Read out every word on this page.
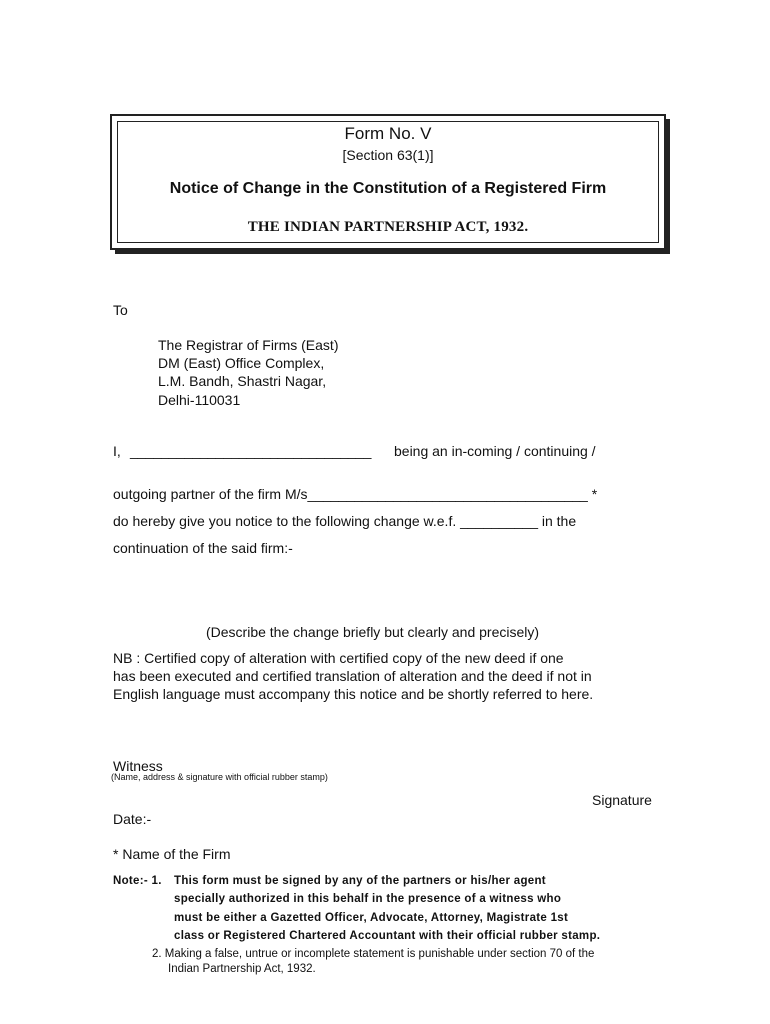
Form No. V
[Section 63(1)]
Notice of Change in the Constitution of a Registered Firm
THE INDIAN PARTNERSHIP ACT, 1932.
To
The Registrar of Firms (East)
DM (East) Office Complex,
L.M. Bandh, Shastri Nagar,
Delhi-110031
I, _______________________________ being an in-coming / continuing /
outgoing partner of the firm M/s____________________________________ *
do hereby give you notice to the following change w.e.f. __________ in the
continuation of the said firm:-
(Describe the change briefly but clearly and precisely)
NB : Certified copy of alteration with certified copy of the new deed if one
has been executed and certified translation of alteration and the deed if not in
English language must accompany this notice and be shortly referred to here.
Witness
(Name, address & signature with official rubber stamp)
Signature
Date:-
* Name of the Firm
Note:- 1. This form must be signed by any of the partners or his/her agent
specially authorized in this behalf in the presence of a witness who
must be either a Gazetted Officer, Advocate, Attorney, Magistrate 1st
class or Registered Chartered Accountant with their official rubber stamp.
2. Making a false, untrue or incomplete statement is punishable under section 70 of the
Indian Partnership Act, 1932.
